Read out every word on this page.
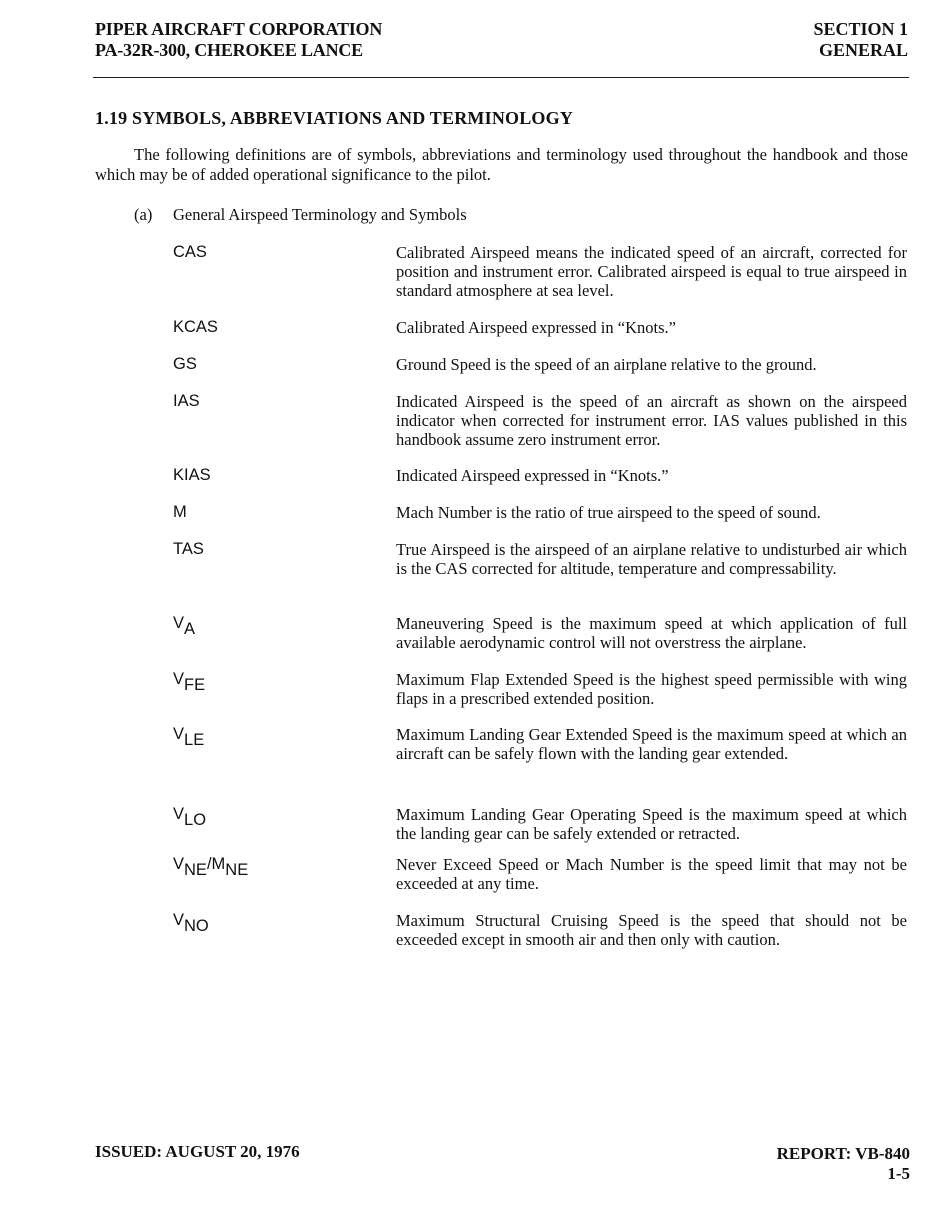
PIPER AIRCRAFT CORPORATION
PA-32R-300, CHEROKEE LANCE
SECTION 1
GENERAL
1.19 SYMBOLS, ABBREVIATIONS AND TERMINOLOGY
The following definitions are of symbols, abbreviations and terminology used throughout the handbook and those which may be of added operational significance to the pilot.
(a) General Airspeed Terminology and Symbols
CAS	Calibrated Airspeed means the indicated speed of an aircraft, corrected for position and instrument error. Calibrated airspeed is equal to true airspeed in standard atmosphere at sea level.
KCAS	Calibrated Airspeed expressed in “Knots.”
GS	Ground Speed is the speed of an airplane relative to the ground.
IAS	Indicated Airspeed is the speed of an aircraft as shown on the airspeed indicator when corrected for instrument error. IAS values published in this handbook assume zero instrument error.
KIAS	Indicated Airspeed expressed in “Knots.”
M	Mach Number is the ratio of true airspeed to the speed of sound.
TAS	True Airspeed is the airspeed of an airplane relative to undisturbed air which is the CAS corrected for altitude, temperature and compressability.
$V_A$	Maneuvering Speed is the maximum speed at which application of full available aerodynamic control will not overstress the airplane.
$V_{FE}$	Maximum Flap Extended Speed is the highest speed permissible with wing flaps in a prescribed extended position.
$V_{LE}$	Maximum Landing Gear Extended Speed is the maximum speed at which an aircraft can be safely flown with the landing gear extended.
$V_{LO}$	Maximum Landing Gear Operating Speed is the maximum speed at which the landing gear can be safely extended or retracted.
$V_{NE}/M_{NE}$	Never Exceed Speed or Mach Number is the speed limit that may not be exceeded at any time.
$V_{NO}$	Maximum Structural Cruising Speed is the speed that should not be exceeded except in smooth air and then only with caution.
ISSUED: AUGUST 20, 1976	REPORT: VB-840
1-5
